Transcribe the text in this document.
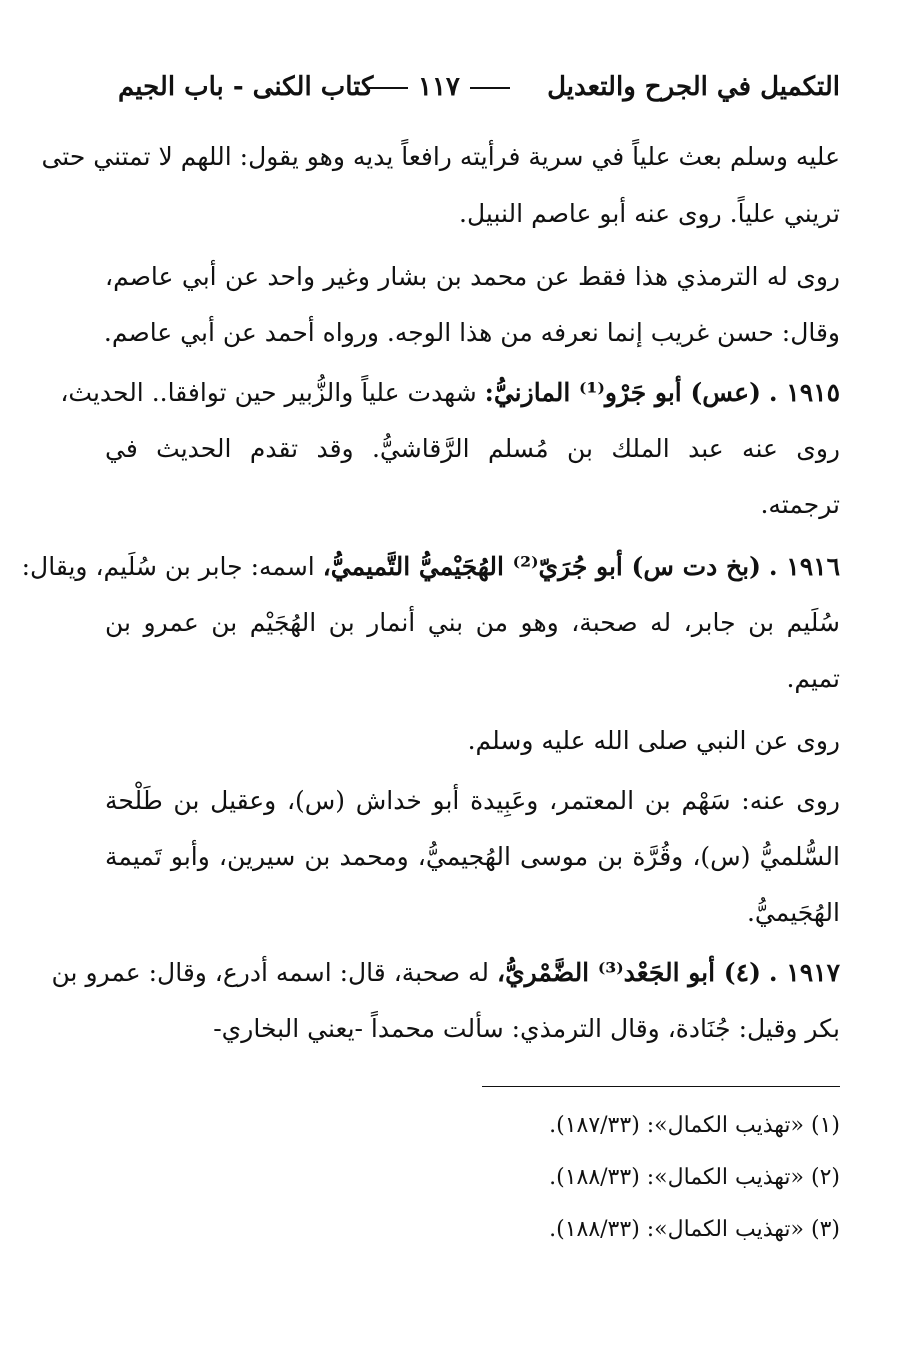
التكميل في الجرح والتعديل
١١٧
كتاب الكنى - باب الجيم
عليه وسلم بعث علياً في سرية فرأيته رافعاً يديه وهو يقول: اللهم لا تمتني حتى
تريني علياً. روى عنه أبو عاصم النبيل.
روى له الترمذي هذا فقط عن محمد بن بشار وغير واحد عن أبي عاصم،
وقال: حسن غريب إنما نعرفه من هذا الوجه. ورواه أحمد عن أبي عاصم.
١٩١٥ . (عس) أبو جَرْو⁽¹⁾ المازنيُّ: شهدت علياً والزُّبير حين توافقا.. الحديث،
روى عنه عبد الملك بن مُسلم الرَّقاشيُّ. وقد تقدم الحديث في
ترجمته.
١٩١٦ . (بخ دت س) أبو جُرَيّ⁽²⁾ الهُجَيْميُّ التَّميميُّ، اسمه: جابر بن سُلَيم، ويقال:
سُلَيم بن جابر، له صحبة، وهو من بني أنمار بن الهُجَيْم بن عمرو بن
تميم.
روى عن النبي صلى الله عليه وسلم.
روى عنه: سَهْم بن المعتمر، وعَبِيدة أبو خداش (س)، وعقيل بن طَلْحة
السُّلميُّ (س)، وقُرَّة بن موسى الهُجيميُّ، ومحمد بن سيرين، وأبو تَميمة
الهُجَيميُّ.
١٩١٧ . (٤) أبو الجَعْد⁽³⁾ الضَّمْريُّ، له صحبة، قال: اسمه أدرع، وقال: عمرو بن
بكر وقيل: جُنَادة، وقال الترمذي: سألت محمداً -يعني البخاري-
(١) «تهذيب الكمال»: (١٨٧/٣٣).
(٢) «تهذيب الكمال»: (١٨٨/٣٣).
(٣) «تهذيب الكمال»: (١٨٨/٣٣).
